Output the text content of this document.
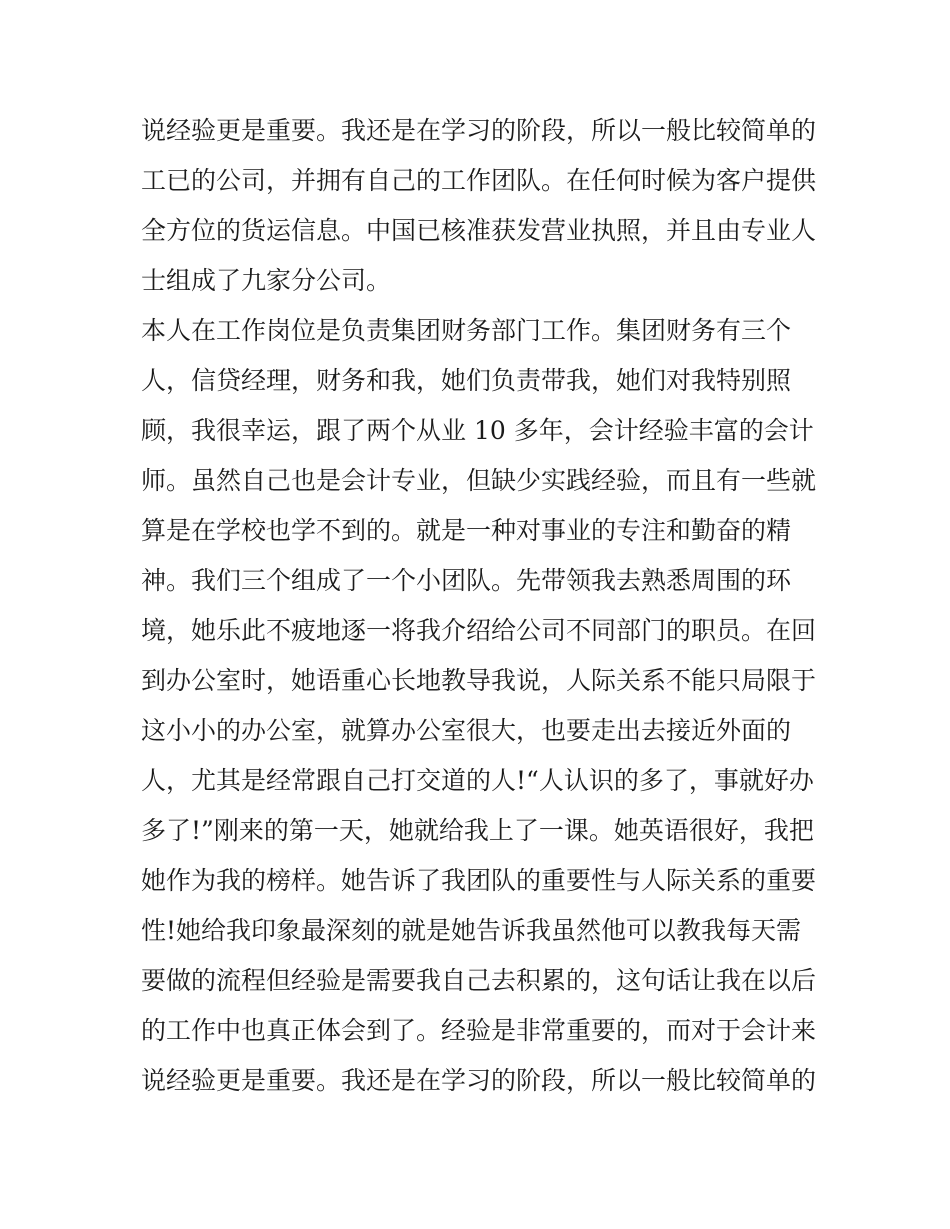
说经验更是重要。我还是在学习的阶段，所以一般比较简单的
工已的公司，并拥有自己的工作团队。在任何时候为客户提供
全方位的货运信息。中国已核准获发营业执照，并且由专业人
士组成了九家分公司。
本人在工作岗位是负责集团财务部门工作。集团财务有三个
人，信贷经理，财务和我，她们负责带我，她们对我特别照
顾，我很幸运，跟了两个从业 10 多年，会计经验丰富的会计
师。虽然自己也是会计专业，但缺少实践经验，而且有一些就
算是在学校也学不到的。就是一种对事业的专注和勤奋的精
神。我们三个组成了一个小团队。先带领我去熟悉周围的环
境，她乐此不疲地逐一将我介绍给公司不同部门的职员。在回
到办公室时，她语重心长地教导我说，人际关系不能只局限于
这小小的办公室，就算办公室很大，也要走出去接近外面的
人，尤其是经常跟自己打交道的人!“人认识的多了，事就好办
多了!”刚来的第一天，她就给我上了一课。她英语很好，我把
她作为我的榜样。她告诉了我团队的重要性与人际关系的重要
性!她给我印象最深刻的就是她告诉我虽然他可以教我每天需
要做的流程但经验是需要我自己去积累的，这句话让我在以后
的工作中也真正体会到了。经验是非常重要的，而对于会计来
说经验更是重要。我还是在学习的阶段，所以一般比较简单的
